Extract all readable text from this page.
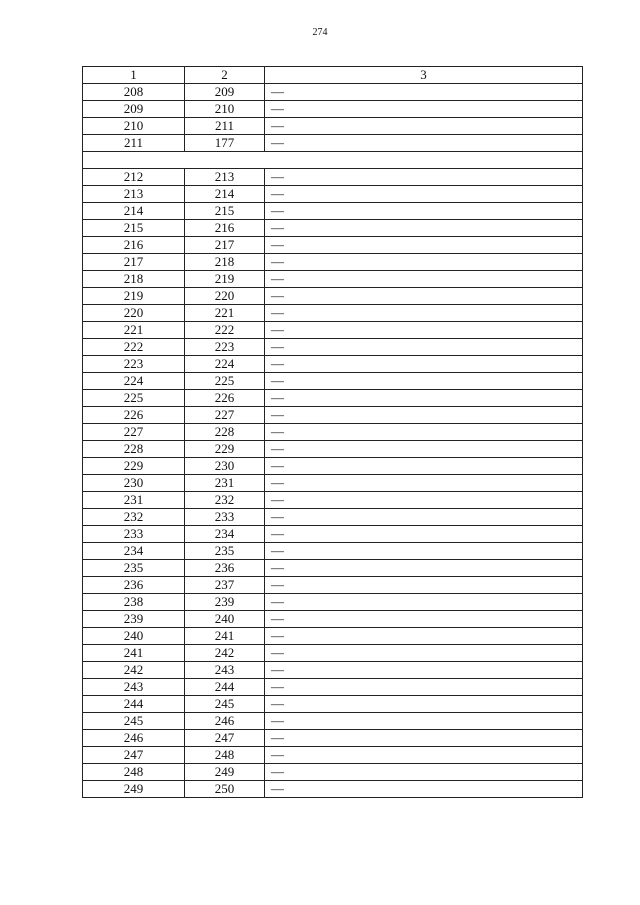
274
1	2	3
208	209	—
209	210	—
210	211	—
211	177	—

212	213	—
213	214	—
214	215	—
215	216	—
216	217	—
217	218	—
218	219	—
219	220	—
220	221	—
221	222	—
222	223	—
223	224	—
224	225	—
225	226	—
226	227	—
227	228	—
228	229	—
229	230	—
230	231	—
231	232	—
232	233	—
233	234	—
234	235	—
235	236	—
236	237	—
238	239	—
239	240	—
240	241	—
241	242	—
242	243	—
243	244	—
244	245	—
245	246	—
246	247	—
247	248	—
248	249	—
249	250	—
